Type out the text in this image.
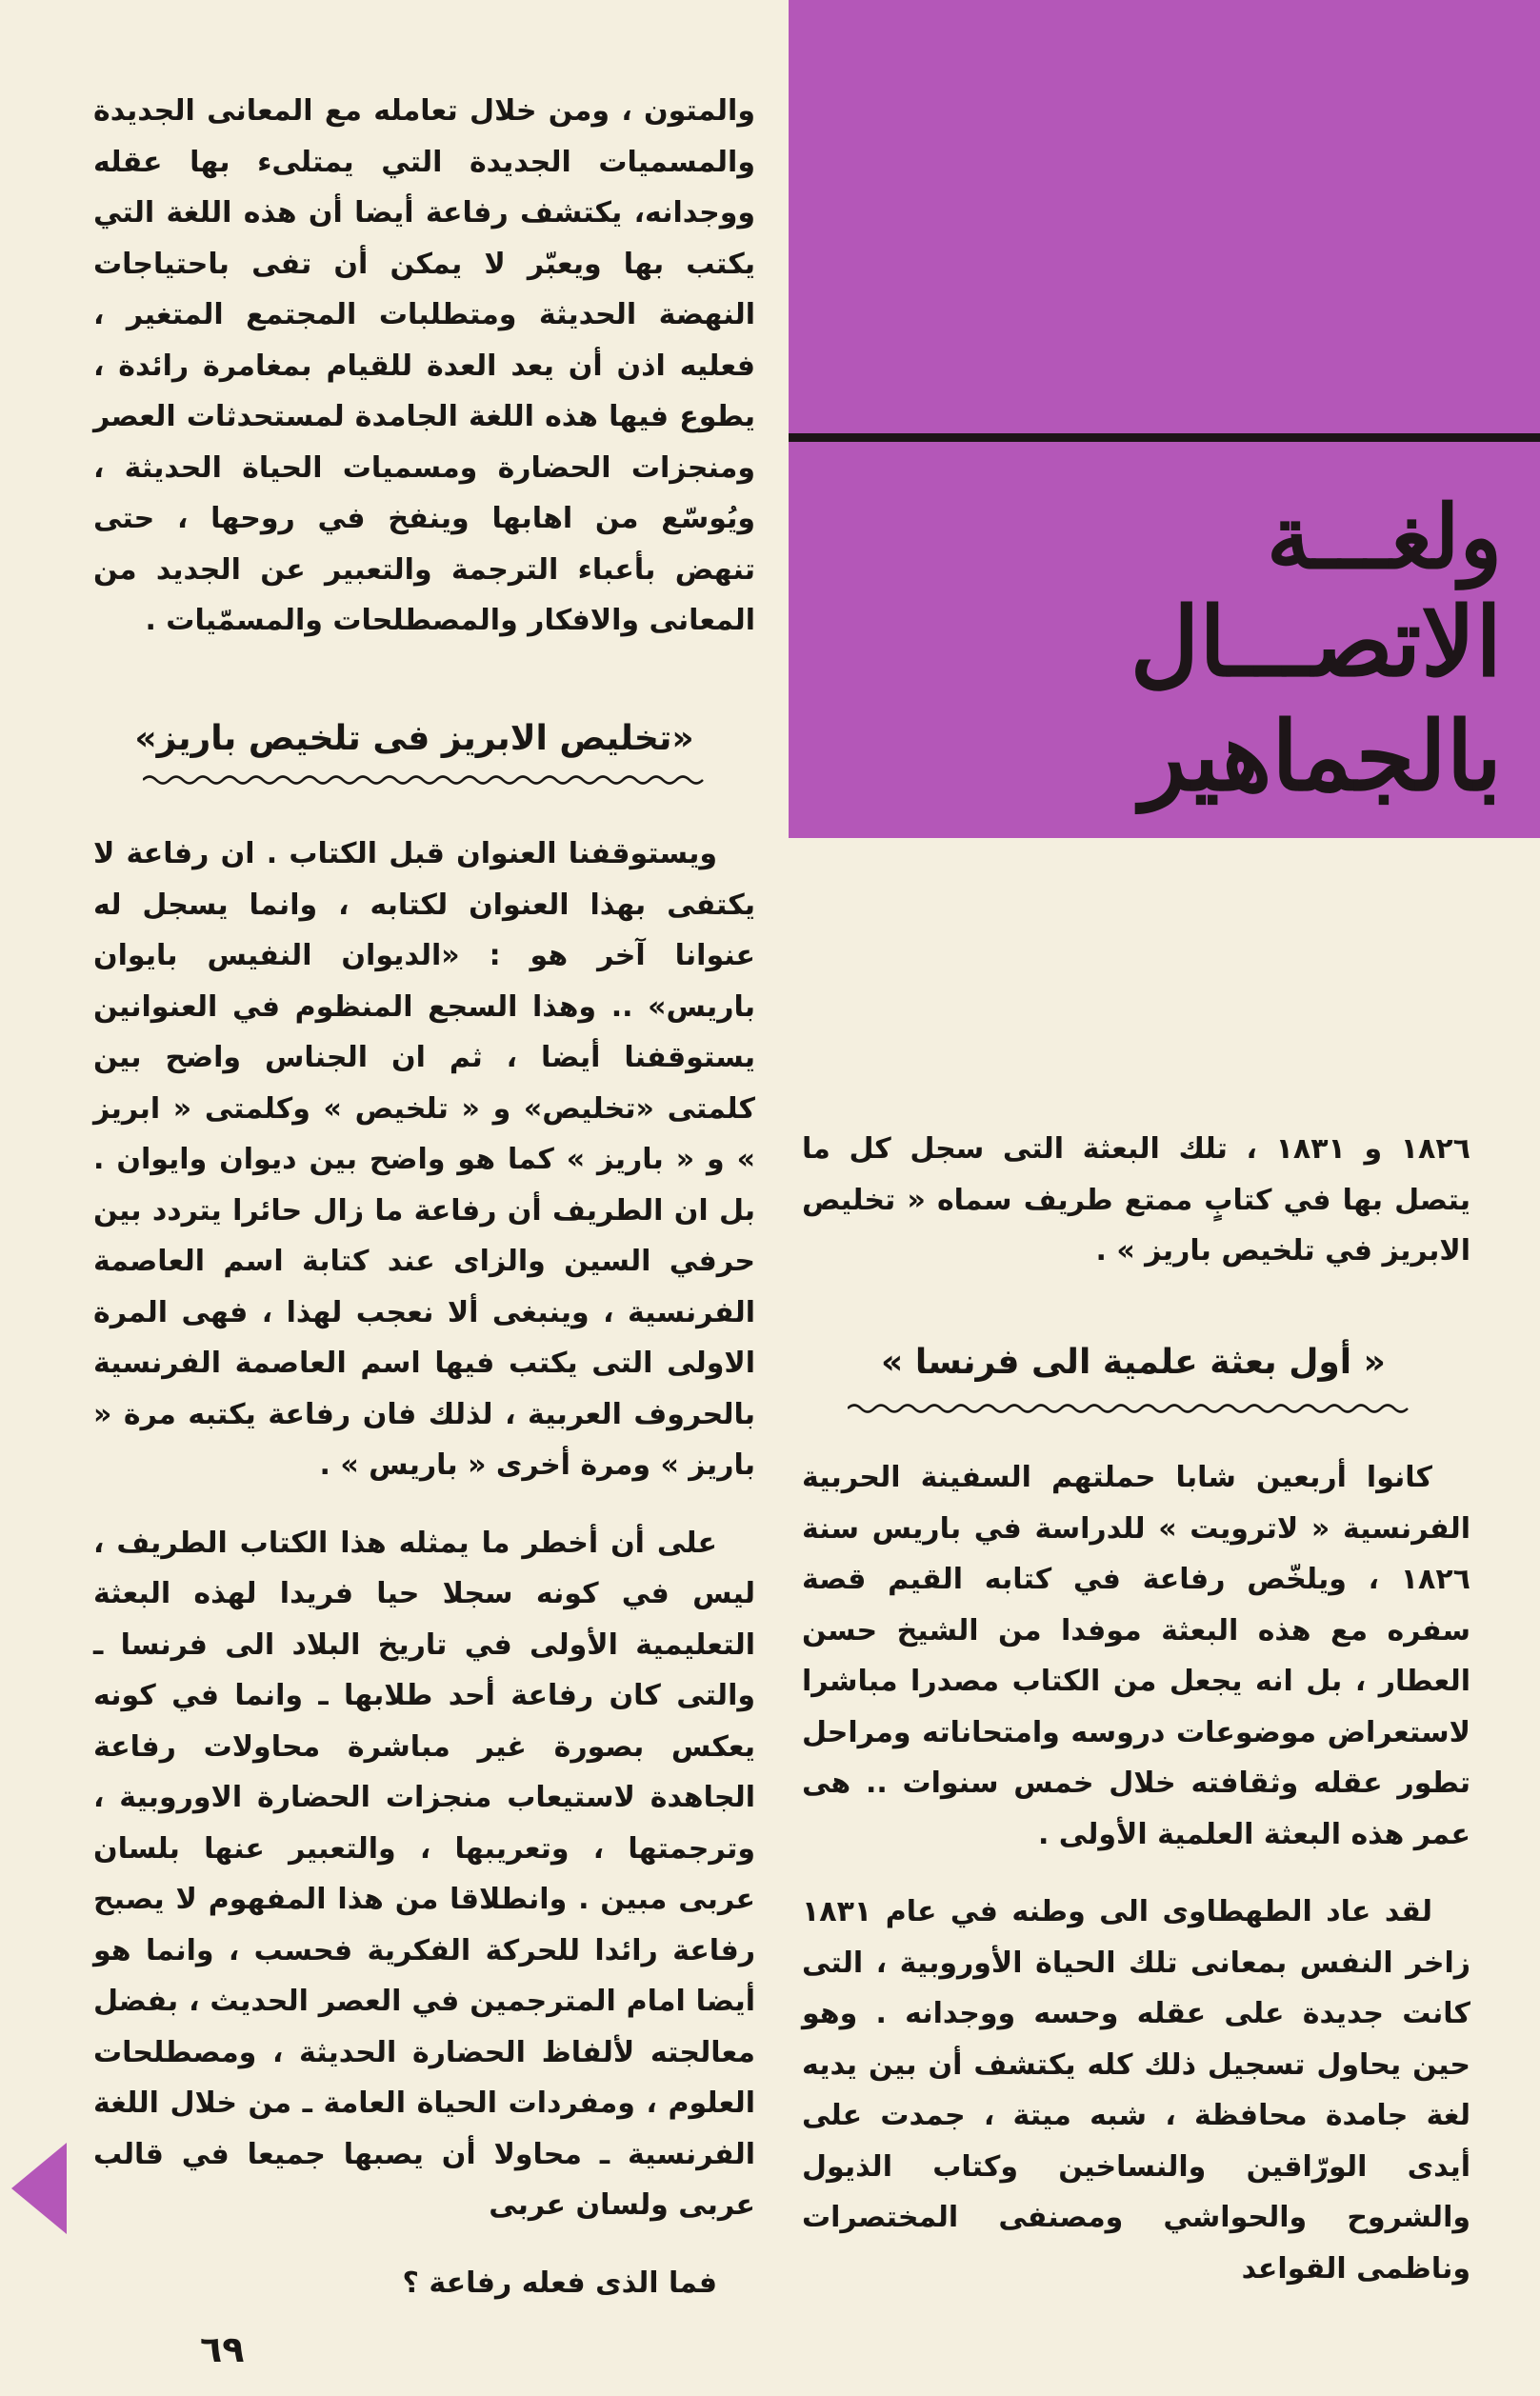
ولغـــة
الاتصـــال
بالجماهير

والمتون ، ومن خلال تعامله مع المعانى الجديدة والمسميات الجديدة التي يمتلىء بها عقله ووجدانه، يكتشف رفاعة أيضا أن هذه اللغة التي يكتب بها ويعبّر لا يمكن أن تفى باحتياجات النهضة الحديثة ومتطلبات المجتمع المتغير ، فعليه اذن أن يعد العدة للقيام بمغامرة رائدة ، يطوع فيها هذه اللغة الجامدة لمستحدثات العصر ومنجزات الحضارة ومسميات الحياة الحديثة ، ويُوسّع من اهابها وينفخ في روحها ، حتى تنهض بأعباء الترجمة والتعبير عن الجديد من المعانى والافكار والمصطلحات والمسمّيات .

«تخليص الابريز فى تلخيص باريز»

ويستوقفنا العنوان قبل الكتاب . ان رفاعة لا يكتفى بهذا العنوان لكتابه ، وانما يسجل له عنوانا آخر هو : «الديوان النفيس بايوان باريس» .. وهذا السجع المنظوم في العنوانين يستوقفنا أيضا ، ثم ان الجناس واضح بين كلمتى «تخليص» و « تلخيص » وكلمتى « ابريز » و « باريز » كما هو واضح بين ديوان وايوان . بل ان الطريف أن رفاعة ما زال حائرا يتردد بين حرفي السين والزاى عند كتابة اسم العاصمة الفرنسية ، وينبغى ألا نعجب لهذا ، فهى المرة الاولى التى يكتب فيها اسم العاصمة الفرنسية بالحروف العربية ، لذلك فان رفاعة يكتبه مرة « باريز » ومرة أخرى « باريس » .

على أن أخطر ما يمثله هذا الكتاب الطريف ، ليس في كونه سجلا حيا فريدا لهذه البعثة التعليمية الأولى في تاريخ البلاد الى فرنسا ـ والتى كان رفاعة أحد طلابها ـ وانما في كونه يعكس بصورة غير مباشرة محاولات رفاعة الجاهدة لاستيعاب منجزات الحضارة الاوروبية ، وترجمتها ، وتعريبها ، والتعبير عنها بلسان عربى مبين . وانطلاقا من هذا المفهوم لا يصبح رفاعة رائدا للحركة الفكرية فحسب ، وانما هو أيضا امام المترجمين في العصر الحديث ، بفضل معالجته لألفاظ الحضارة الحديثة ، ومصطلحات العلوم ، ومفردات الحياة العامة ـ من خلال اللغة الفرنسية ـ محاولا أن يصبها جميعا في قالب عربى ولسان عربى

فما الذى فعله رفاعة ؟

١٨٢٦ و ١٨٣١ ، تلك البعثة التى سجل كل ما يتصل بها في كتابٍ ممتع طريف سماه « تخليص الابريز في تلخيص باريز » .

« أول بعثة علمية الى فرنسا »

كانوا أربعين شابا حملتهم السفينة الحربية الفرنسية « لاترويت » للدراسة في باريس سنة ١٨٢٦ ، ويلخّص رفاعة في كتابه القيم قصة سفره مع هذه البعثة موفدا من الشيخ حسن العطار ، بل انه يجعل من الكتاب مصدرا مباشرا لاستعراض موضوعات دروسه وامتحاناته ومراحل تطور عقله وثقافته خلال خمس سنوات .. هى عمر هذه البعثة العلمية الأولى .

لقد عاد الطهطاوى الى وطنه في عام ١٨٣١ زاخر النفس بمعانى تلك الحياة الأوروبية ، التى كانت جديدة على عقله وحسه ووجدانه . وهو حين يحاول تسجيل ذلك كله يكتشف أن بين يديه لغة جامدة محافظة ، شبه ميتة ، جمدت على أيدى الورّاقين والنساخين وكتاب الذيول والشروح والحواشي ومصنفى المختصرات وناظمى القواعد

٦٩
